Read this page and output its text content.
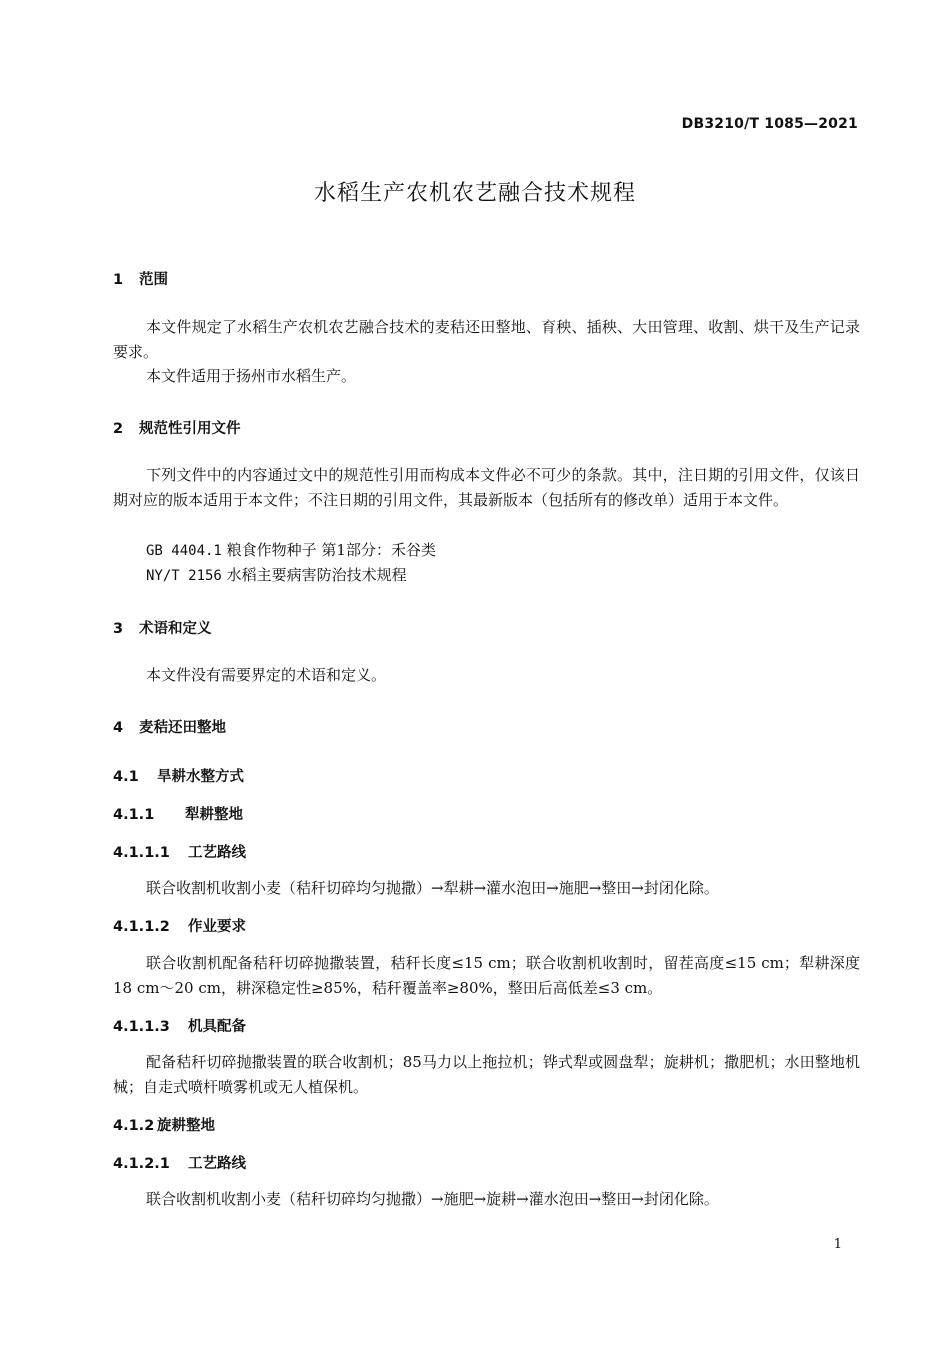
DB3210/T 1085—2021
水稻生产农机农艺融合技术规程
1 范围
本文件规定了水稻生产农机农艺融合技术的麦秸还田整地、育秧、插秧、大田管理、收割、烘干及生产记录要求。
本文件适用于扬州市水稻生产。
2 规范性引用文件
下列文件中的内容通过文中的规范性引用而构成本文件必不可少的条款。其中，注日期的引用文件，仅该日期对应的版本适用于本文件；不注日期的引用文件，其最新版本（包括所有的修改单）适用于本文件。
GB 4404.1 粮食作物种子 第1部分：禾谷类
NY/T 2156 水稻主要病害防治技术规程
3 术语和定义
本文件没有需要界定的术语和定义。
4 麦秸还田整地
4.1 旱耕水整方式
4.1.1 犁耕整地
4.1.1.1 工艺路线
联合收割机收割小麦（秸秆切碎均匀抛撒）→犁耕→灌水泡田→施肥→整田→封闭化除。
4.1.1.2 作业要求
联合收割机配备秸秆切碎抛撒装置，秸秆长度≤15 cm；联合收割机收割时，留茬高度≤15 cm；犁耕深度18 cm～20 cm，耕深稳定性≥85%，秸秆覆盖率≥80%，整田后高低差≤3 cm。
4.1.1.3 机具配备
配备秸秆切碎抛撒装置的联合收割机；85马力以上拖拉机；铧式犁或圆盘犁；旋耕机；撒肥机；水田整地机械；自走式喷杆喷雾机或无人植保机。
4.1.2 旋耕整地
4.1.2.1 工艺路线
联合收割机收割小麦（秸秆切碎均匀抛撒）→施肥→旋耕→灌水泡田→整田→封闭化除。
1
